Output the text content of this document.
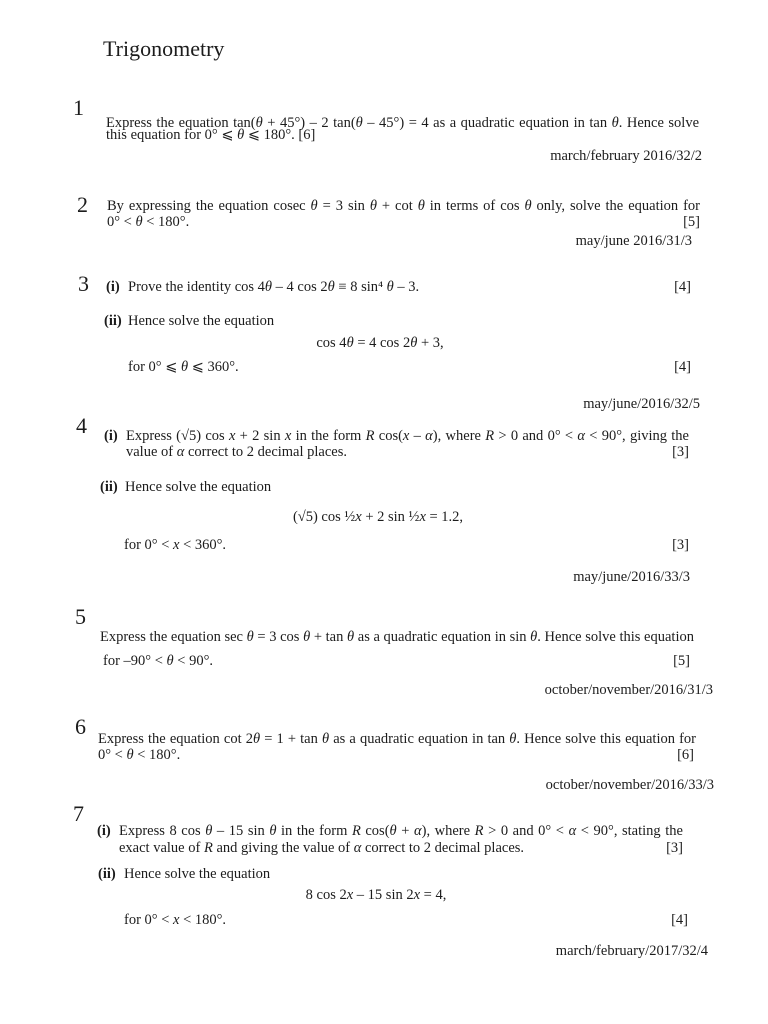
Trigonometry
1
Express the equation tan(θ + 45°) – 2 tan(θ – 45°) = 4 as a quadratic equation in tan θ. Hence solve
this equation for 0° ⩽ θ ⩽ 180°. [6]
march/february 2016/32/2
2 By expressing the equation cosec θ = 3 sin θ + cot θ in terms of cos θ only, solve the equation for
0° < θ < 180°.	[5]
may/june 2016/31/3
3 (i) Prove the identity cos 4θ – 4 cos 2θ ≡ 8 sin⁴ θ – 3.	[4]
(ii) Hence solve the equation
cos 4θ = 4 cos 2θ + 3,
for 0° ⩽ θ ⩽ 360°.	[4]
may/june/2016/32/5
4 (i) Express (√5) cos x + 2 sin x in the form R cos(x – α), where R > 0 and 0° < α < 90°, giving the
value of α correct to 2 decimal places.	[3]
(ii) Hence solve the equation
(√5) cos ½x + 2 sin ½x = 1.2,
for 0° < x < 360°.	[3]
may/june/2016/33/3
5
Express the equation sec θ = 3 cos θ + tan θ as a quadratic equation in sin θ. Hence solve this equation
for –90° < θ < 90°.	[5]
october/november/2016/31/3
6 Express the equation cot 2θ = 1 + tan θ as a quadratic equation in tan θ. Hence solve this equation for
0° < θ < 180°.	[6]
october/november/2016/33/3
7
(i) Express 8 cos θ – 15 sin θ in the form R cos(θ + α), where R > 0 and 0° < α < 90°, stating the
exact value of R and giving the value of α correct to 2 decimal places.	[3]
(ii) Hence solve the equation
8 cos 2x – 15 sin 2x = 4,
for 0° < x < 180°.	[4]
march/february/2017/32/4
